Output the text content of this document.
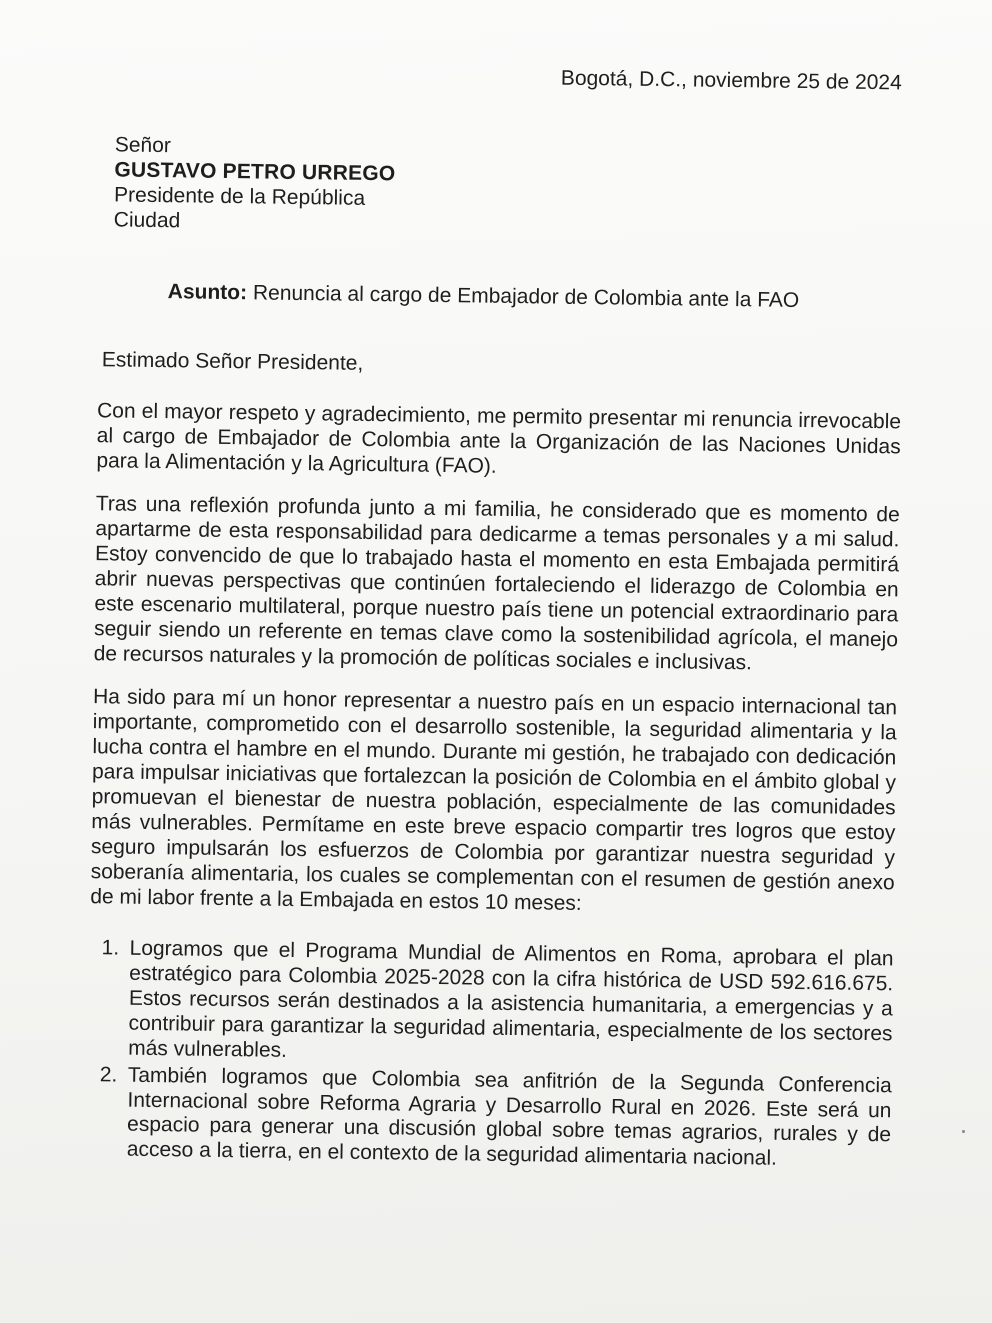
Bogotá, D.C., noviembre 25 de 2024
Señor
GUSTAVO PETRO URREGO
Presidente de la República
Ciudad
Asunto: Renuncia al cargo de Embajador de Colombia ante la FAO
Estimado Señor Presidente,

Con el mayor respeto y agradecimiento, me permito presentar mi renuncia irrevocable al cargo de Embajador de Colombia ante la Organización de las Naciones Unidas para la Alimentación y la Agricultura (FAO).

Tras una reflexión profunda junto a mi familia, he considerado que es momento de apartarme de esta responsabilidad para dedicarme a temas personales y a mi salud. Estoy convencido de que lo trabajado hasta el momento en esta Embajada permitirá abrir nuevas perspectivas que continúen fortaleciendo el liderazgo de Colombia en este escenario multilateral, porque nuestro país tiene un potencial extraordinario para seguir siendo un referente en temas clave como la sostenibilidad agrícola, el manejo de recursos naturales y la promoción de políticas sociales e inclusivas.

Ha sido para mí un honor representar a nuestro país en un espacio internacional tan importante, comprometido con el desarrollo sostenible, la seguridad alimentaria y la lucha contra el hambre en el mundo. Durante mi gestión, he trabajado con dedicación para impulsar iniciativas que fortalezcan la posición de Colombia en el ámbito global y promuevan el bienestar de nuestra población, especialmente de las comunidades más vulnerables. Permítame en este breve espacio compartir tres logros que estoy seguro impulsarán los esfuerzos de Colombia por garantizar nuestra seguridad y soberanía alimentaria, los cuales se complementan con el resumen de gestión anexo de mi labor frente a la Embajada en estos 10 meses:

1. Logramos que el Programa Mundial de Alimentos en Roma, aprobara el plan estratégico para Colombia 2025-2028 con la cifra histórica de USD 592.616.675. Estos recursos serán destinados a la asistencia humanitaria, a emergencias y a contribuir para garantizar la seguridad alimentaria, especialmente de los sectores más vulnerables.
2. También logramos que Colombia sea anfitrión de la Segunda Conferencia Internacional sobre Reforma Agraria y Desarrollo Rural en 2026. Este será un espacio para generar una discusión global sobre temas agrarios, rurales y de acceso a la tierra, en el contexto de la seguridad alimentaria nacional.
